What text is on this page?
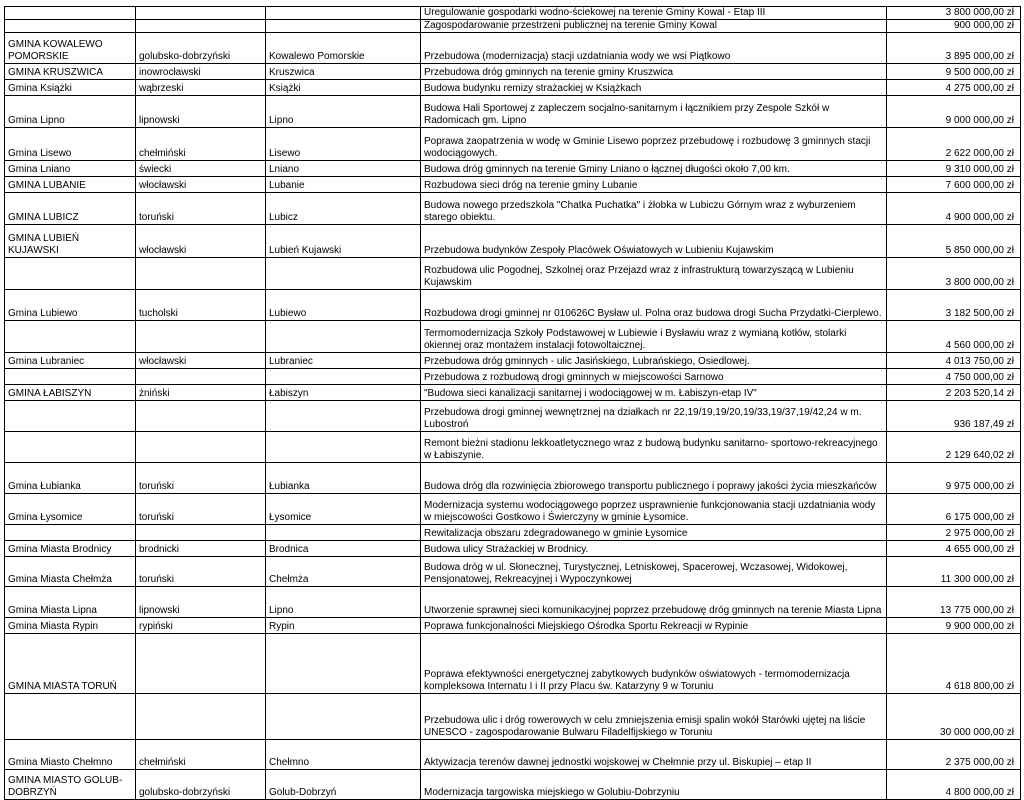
			Uregulowanie gospodarki wodno-ściekowej na terenie Gminy Kowal - Etap III	3 800 000,00 zł
			Zagospodarowanie przestrzeni publicznej na terenie Gminy Kowal	900 000,00 zł
GMINA KOWALEWO POMORSKIE	golubsko-dobrzyński	Kowalewo Pomorskie	Przebudowa (modernizacja) stacji uzdatniania wody we wsi Piątkowo	3 895 000,00 zł
GMINA KRUSZWICA	inowrocławski	Kruszwica	Przebudowa dróg gminnych na terenie gminy Kruszwica	9 500 000,00 zł
Gmina Książki	wąbrzeski	Książki	Budowa budynku remizy strażackiej w Książkach	4 275 000,00 zł
Gmina Lipno	lipnowski	Lipno	Budowa Hali Sportowej z zapleczem socjalno-sanitarnym i łącznikiem przy Zespole Szkół w Radomicach gm. Lipno	9 000 000,00 zł
Gmina Lisewo	chełmiński	Lisewo	Poprawa zaopatrzenia w wodę w Gminie Lisewo poprzez przebudowę i rozbudowę 3 gminnych stacji wodociągowych.	2 622 000,00 zł
Gmina Lniano	świecki	Lniano	Budowa dróg gminnych na terenie Gminy Lniano o łącznej długości około 7,00 km.	9 310 000,00 zł
GMINA LUBANIE	włocławski	Lubanie	Rozbudowa sieci dróg na terenie gminy Lubanie	7 600 000,00 zł
GMINA LUBICZ	toruński	Lubicz	Budowa nowego przedszkola "Chatka Puchatka" i żłobka w Lubiczu Górnym wraz z wyburzeniem starego obiektu.	4 900 000,00 zł
GMINA LUBIEŃ KUJAWSKI	włocławski	Lubień Kujawski	Przebudowa budynków Zespoły Placówek Oświatowych w Lubieniu Kujawskim	5 850 000,00 zł
			Rozbudowa ulic Pogodnej, Szkolnej oraz Przejazd wraz z infrastrukturą towarzyszącą w Lubieniu Kujawskim	3 800 000,00 zł
Gmina Lubiewo	tucholski	Lubiewo	Rozbudowa drogi gminnej nr 010626C Bysław ul. Polna oraz budowa drogi Sucha Przydatki-Cierplewo.	3 182 500,00 zł
			Termomodernizacja Szkoły Podstawowej w Lubiewie i Bysławiu wraz z wymianą kotłów, stolarki okiennej oraz montażem instalacji fotowoltaicznej.	4 560 000,00 zł
Gmina Lubraniec	włocławski	Lubraniec	Przebudowa dróg gminnych - ulic Jasińskiego, Lubrańskiego, Osiedlowej.	4 013 750,00 zł
			Przebudowa z rozbudową drogi gminnych w miejscowości Sarnowo	4 750 000,00 zł
GMINA ŁABISZYN	żniński	Łabiszyn	"Budowa sieci kanalizacji sanitarnej i wodociągowej w m. Łabiszyn-etap IV"	2 203 520,14 zł
			Przebudowa drogi gminnej wewnętrznej na działkach nr 22,19/19,19/20,19/33,19/37,19/42,24 w m. Lubostroń	936 187,49 zł
			Remont bieżni stadionu lekkoatletycznego wraz z budową budynku sanitarno- sportowo-rekreacyjnego w Łabiszynie.	2 129 640,02 zł
Gmina Łubianka	toruński	Łubianka	Budowa dróg dla rozwinięcia zbiorowego transportu publicznego i poprawy jakości życia mieszkańców	9 975 000,00 zł
Gmina Łysomice	toruński	Łysomice	Modernizacja systemu wodociągowego poprzez usprawnienie funkcjonowania stacji uzdatniania wody w miejscowości Gostkowo i Świerczyny w gminie Łysomice.	6 175 000,00 zł
			Rewitalizacja obszaru zdegradowanego w gminie Łysomice	2 975 000,00 zł
Gmina Miasta Brodnicy	brodnicki	Brodnica	Budowa ulicy Strażackiej w Brodnicy.	4 655 000,00 zł
Gmina Miasta Chełmża	toruński	Chełmża	Budowa dróg w ul. Słonecznej, Turystycznej, Letniskowej, Spacerowej, Wczasowej, Widokowej, Pensjonatowej, Rekreacyjnej i Wypoczynkowej	11 300 000,00 zł
Gmina Miasta Lipna	lipnowski	Lipno	Utworzenie sprawnej sieci komunikacyjnej poprzez przebudowę dróg gminnych na terenie Miasta Lipna	13 775 000,00 zł
Gmina Miasta Rypin	rypiński	Rypin	Poprawa funkcjonalności Miejskiego Ośrodka Sportu Rekreacji w Rypinie	9 900 000,00 zł
GMINA MIASTA TORUŃ			Poprawa efektywności energetycznej zabytkowych budynków oświatowych - termomodernizacja kompleksowa Internatu I i II przy Placu św. Katarzyny 9 w Toruniu	4 618 800,00 zł
			Przebudowa ulic i dróg rowerowych w celu zmniejszenia emisji spalin wokół Starówki ujętej na liście UNESCO - zagospodarowanie Bulwaru Filadelfijskiego w Toruniu	30 000 000,00 zł
Gmina Miasto Chełmno	chełmiński	Chełmno	Aktywizacja terenów dawnej jednostki wojskowej w Chełmnie przy ul. Biskupiej – etap II	2 375 000,00 zł
GMINA MIASTO GOLUB-DOBRZYŃ	golubsko-dobrzyński	Golub-Dobrzyń	Modernizacja targowiska miejskiego w Golubiu-Dobrzyniu	4 800 000,00 zł
